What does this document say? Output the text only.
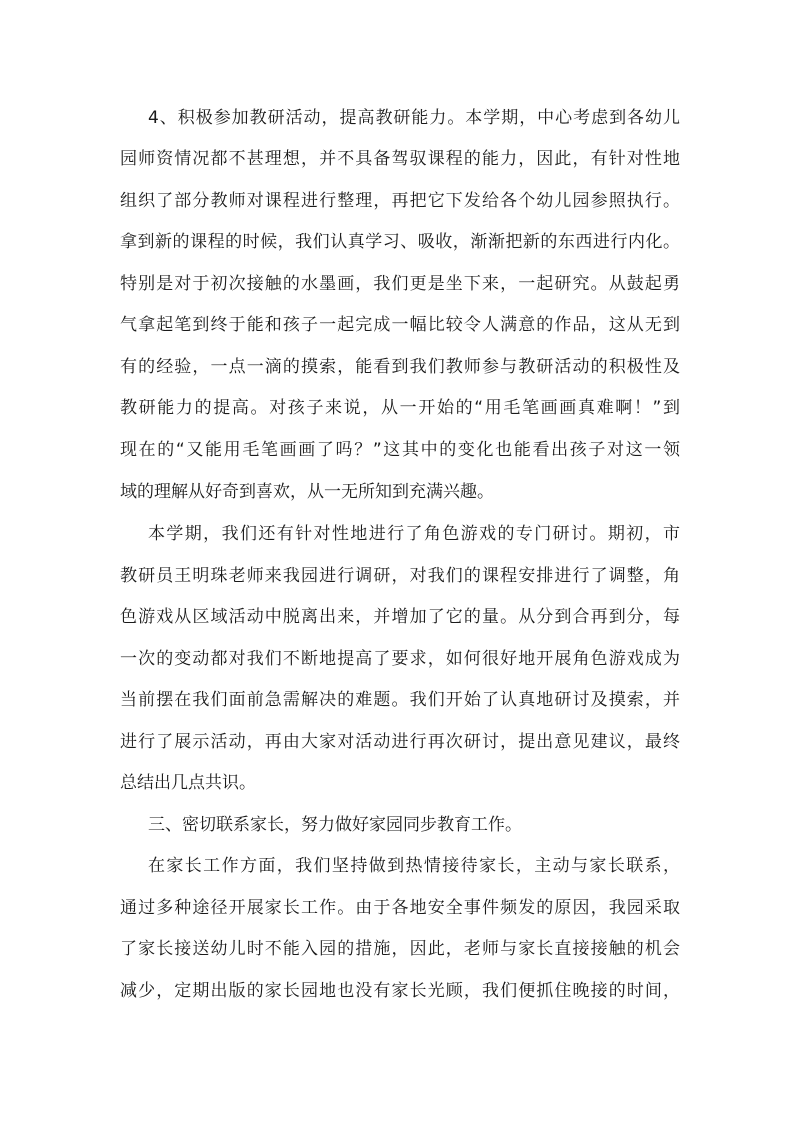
4、积极参加教研活动，提高教研能力。本学期，中心考虑到各幼儿
园师资情况都不甚理想，并不具备驾驭课程的能力，因此，有针对性地
组织了部分教师对课程进行整理，再把它下发给各个幼儿园参照执行。
拿到新的课程的时候，我们认真学习、吸收，渐渐把新的东西进行内化。
特别是对于初次接触的水墨画，我们更是坐下来，一起研究。从鼓起勇
气拿起笔到终于能和孩子一起完成一幅比较令人满意的作品，这从无到
有的经验，一点一滴的摸索，能看到我们教师参与教研活动的积极性及
教研能力的提高。对孩子来说，从一开始的“用毛笔画画真难啊！”到
现在的“又能用毛笔画画了吗？”这其中的变化也能看出孩子对这一领
域的理解从好奇到喜欢，从一无所知到充满兴趣。
本学期，我们还有针对性地进行了角色游戏的专门研讨。期初，市
教研员王明珠老师来我园进行调研，对我们的课程安排进行了调整，角
色游戏从区域活动中脱离出来，并增加了它的量。从分到合再到分，每
一次的变动都对我们不断地提高了要求，如何很好地开展角色游戏成为
当前摆在我们面前急需解决的难题。我们开始了认真地研讨及摸索，并
进行了展示活动，再由大家对活动进行再次研讨，提出意见建议，最终
总结出几点共识。
三、密切联系家长，努力做好家园同步教育工作。
在家长工作方面，我们坚持做到热情接待家长，主动与家长联系，
通过多种途径开展家长工作。由于各地安全事件频发的原因，我园采取
了家长接送幼儿时不能入园的措施，因此，老师与家长直接接触的机会
减少，定期出版的家长园地也没有家长光顾，我们便抓住晚接的时间，
